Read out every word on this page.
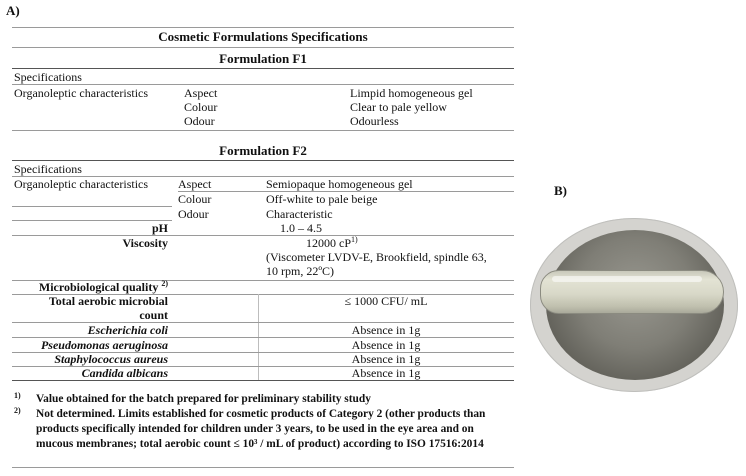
A)
Cosmetic Formulations Specifications
Formulation F1
Specifications
Organoleptic characteristics	Aspect	Limpid homogeneous gel
Colour	Clear to pale yellow
Odour	Odourless
Formulation F2
Specifications
Organoleptic characteristics Aspect	Semiopaque homogeneous gel
Colour	Off-white to pale beige
Odour	Characteristic
pH	1.0 – 4.5
Viscosity	12000 $cP^{1)}$
(Viscometer LVDV-E, Brookfield, spindle 63,
10 rpm, 22ºC)
Microbiological quality $^{2)}$
Total aerobic microbial
count
≤ 1000 CFU/ mL
Escherichia coli	Absence in 1g
Pseudomonas aeruginosa	Absence in 1g
Staphylococcus aureus	Absence in 1g
Candida albicans	Absence in 1g
1) Value obtained for the batch prepared for preliminary stability study
2) Not determined. Limits established for cosmetic products of Category 2 (other products than products specifically intended for children under 3 years, to be used in the eye area and on mucous membranes; total aerobic count ≤ 10³ / mL of product) according to ISO 17516:2014
B)
